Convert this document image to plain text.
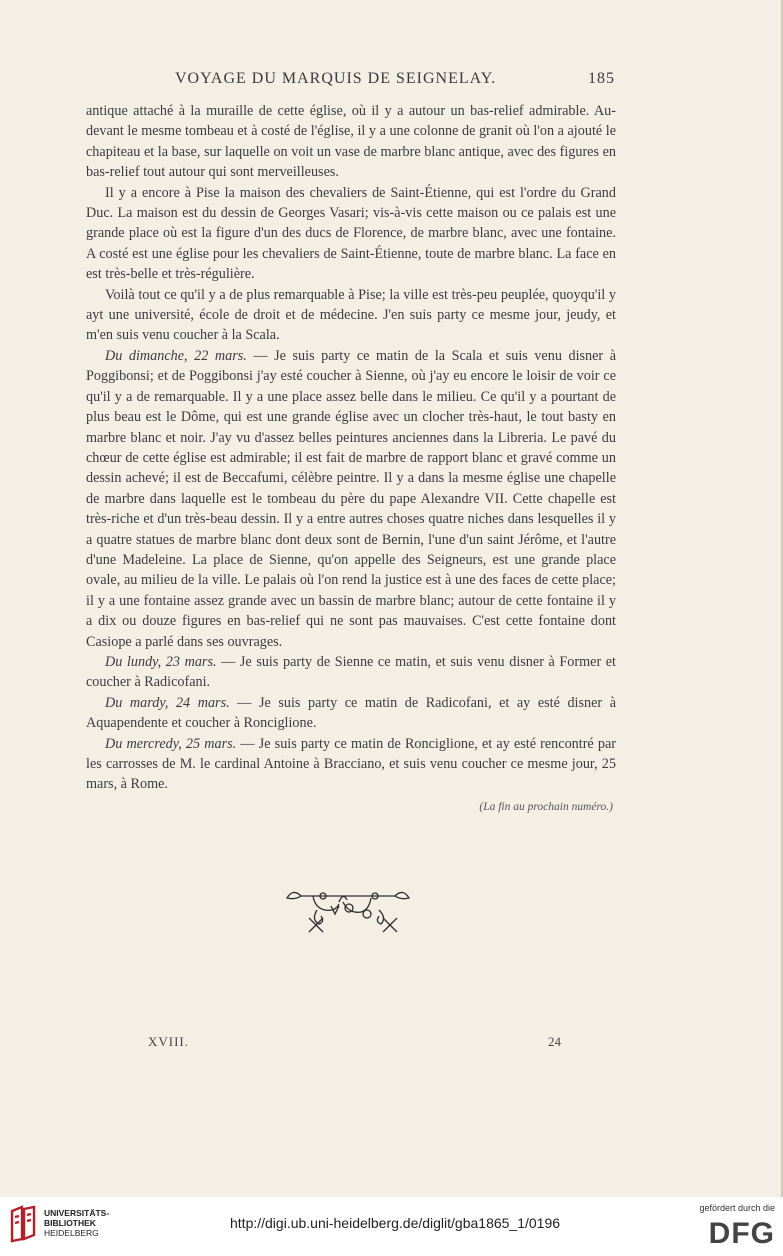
VOYAGE DU MARQUIS DE SEIGNELAY.	185

antique attaché à la muraille de cette église, où il y a autour un bas-relief admirable. Au-devant le mesme tombeau et à costé de l'église, il y a une colonne de granit où l'on a ajouté le chapiteau et la base, sur laquelle on voit un vase de marbre blanc antique, avec des figures en bas-relief tout autour qui sont merveilleuses.

Il y a encore à Pise la maison des chevaliers de Saint-Étienne, qui est l'ordre du Grand Duc. La maison est du dessin de Georges Vasari; vis-à-vis cette maison ou ce palais est une grande place où est la figure d'un des ducs de Florence, de marbre blanc, avec une fontaine. A costé est une église pour les chevaliers de Saint-Étienne, toute de marbre blanc. La face en est très-belle et très-régulière.

Voilà tout ce qu'il y a de plus remarquable à Pise; la ville est très-peu peuplée, quoyqu'il y ayt une université, école de droit et de médecine. J'en suis party ce mesme jour, jeudy, et m'en suis venu coucher à la Scala.

Du dimanche, 22 mars. — Je suis party ce matin de la Scala et suis venu disner à Poggibonsi; et de Poggibonsi j'ay esté coucher à Sienne, où j'ay eu encore le loisir de voir ce qu'il y a de remarquable. Il y a une place assez belle dans le milieu. Ce qu'il y a pourtant de plus beau est le Dôme, qui est une grande église avec un clocher très-haut, le tout basty en marbre blanc et noir. J'ay vu d'assez belles peintures anciennes dans la Libreria. Le pavé du chœur de cette église est admirable; il est fait de marbre de rapport blanc et gravé comme un dessin achevé; il est de Beccafumi, célèbre peintre. Il y a dans la mesme église une chapelle de marbre dans laquelle est le tombeau du père du pape Alexandre VII. Cette chapelle est très-riche et d'un très-beau dessin. Il y a entre autres choses quatre niches dans lesquelles il y a quatre statues de marbre blanc dont deux sont de Bernin, l'une d'un saint Jérôme, et l'autre d'une Madeleine. La place de Sienne, qu'on appelle des Seigneurs, est une grande place ovale, au milieu de la ville. Le palais où l'on rend la justice est à une des faces de cette place; il y a une fontaine assez grande avec un bassin de marbre blanc; autour de cette fontaine il y a dix ou douze figures en bas-relief qui ne sont pas mauvaises. C'est cette fontaine dont Casiope a parlé dans ses ouvrages.

Du lundy, 23 mars. — Je suis party de Sienne ce matin, et suis venu disner à Former et coucher à Radicofani.

Du mardy, 24 mars. — Je suis party ce matin de Radicofani, et ay esté disner à Aquapendente et coucher à Ronciglione.

Du mercredy, 25 mars. — Je suis party ce matin de Ronciglione, et ay esté rencontré par les carrosses de M. le cardinal Antoine à Bracciano, et suis venu coucher ce mesme jour, 25 mars, à Rome.

(La fin au prochain numéro.)
XVIII.	24
UNIVERSITÄTS-
BIBLIOTHEK
HEIDELBERG
http://digi.ub.uni-heidelberg.de/diglit/gba1865_1/0196
gefördert durch die
DFG
